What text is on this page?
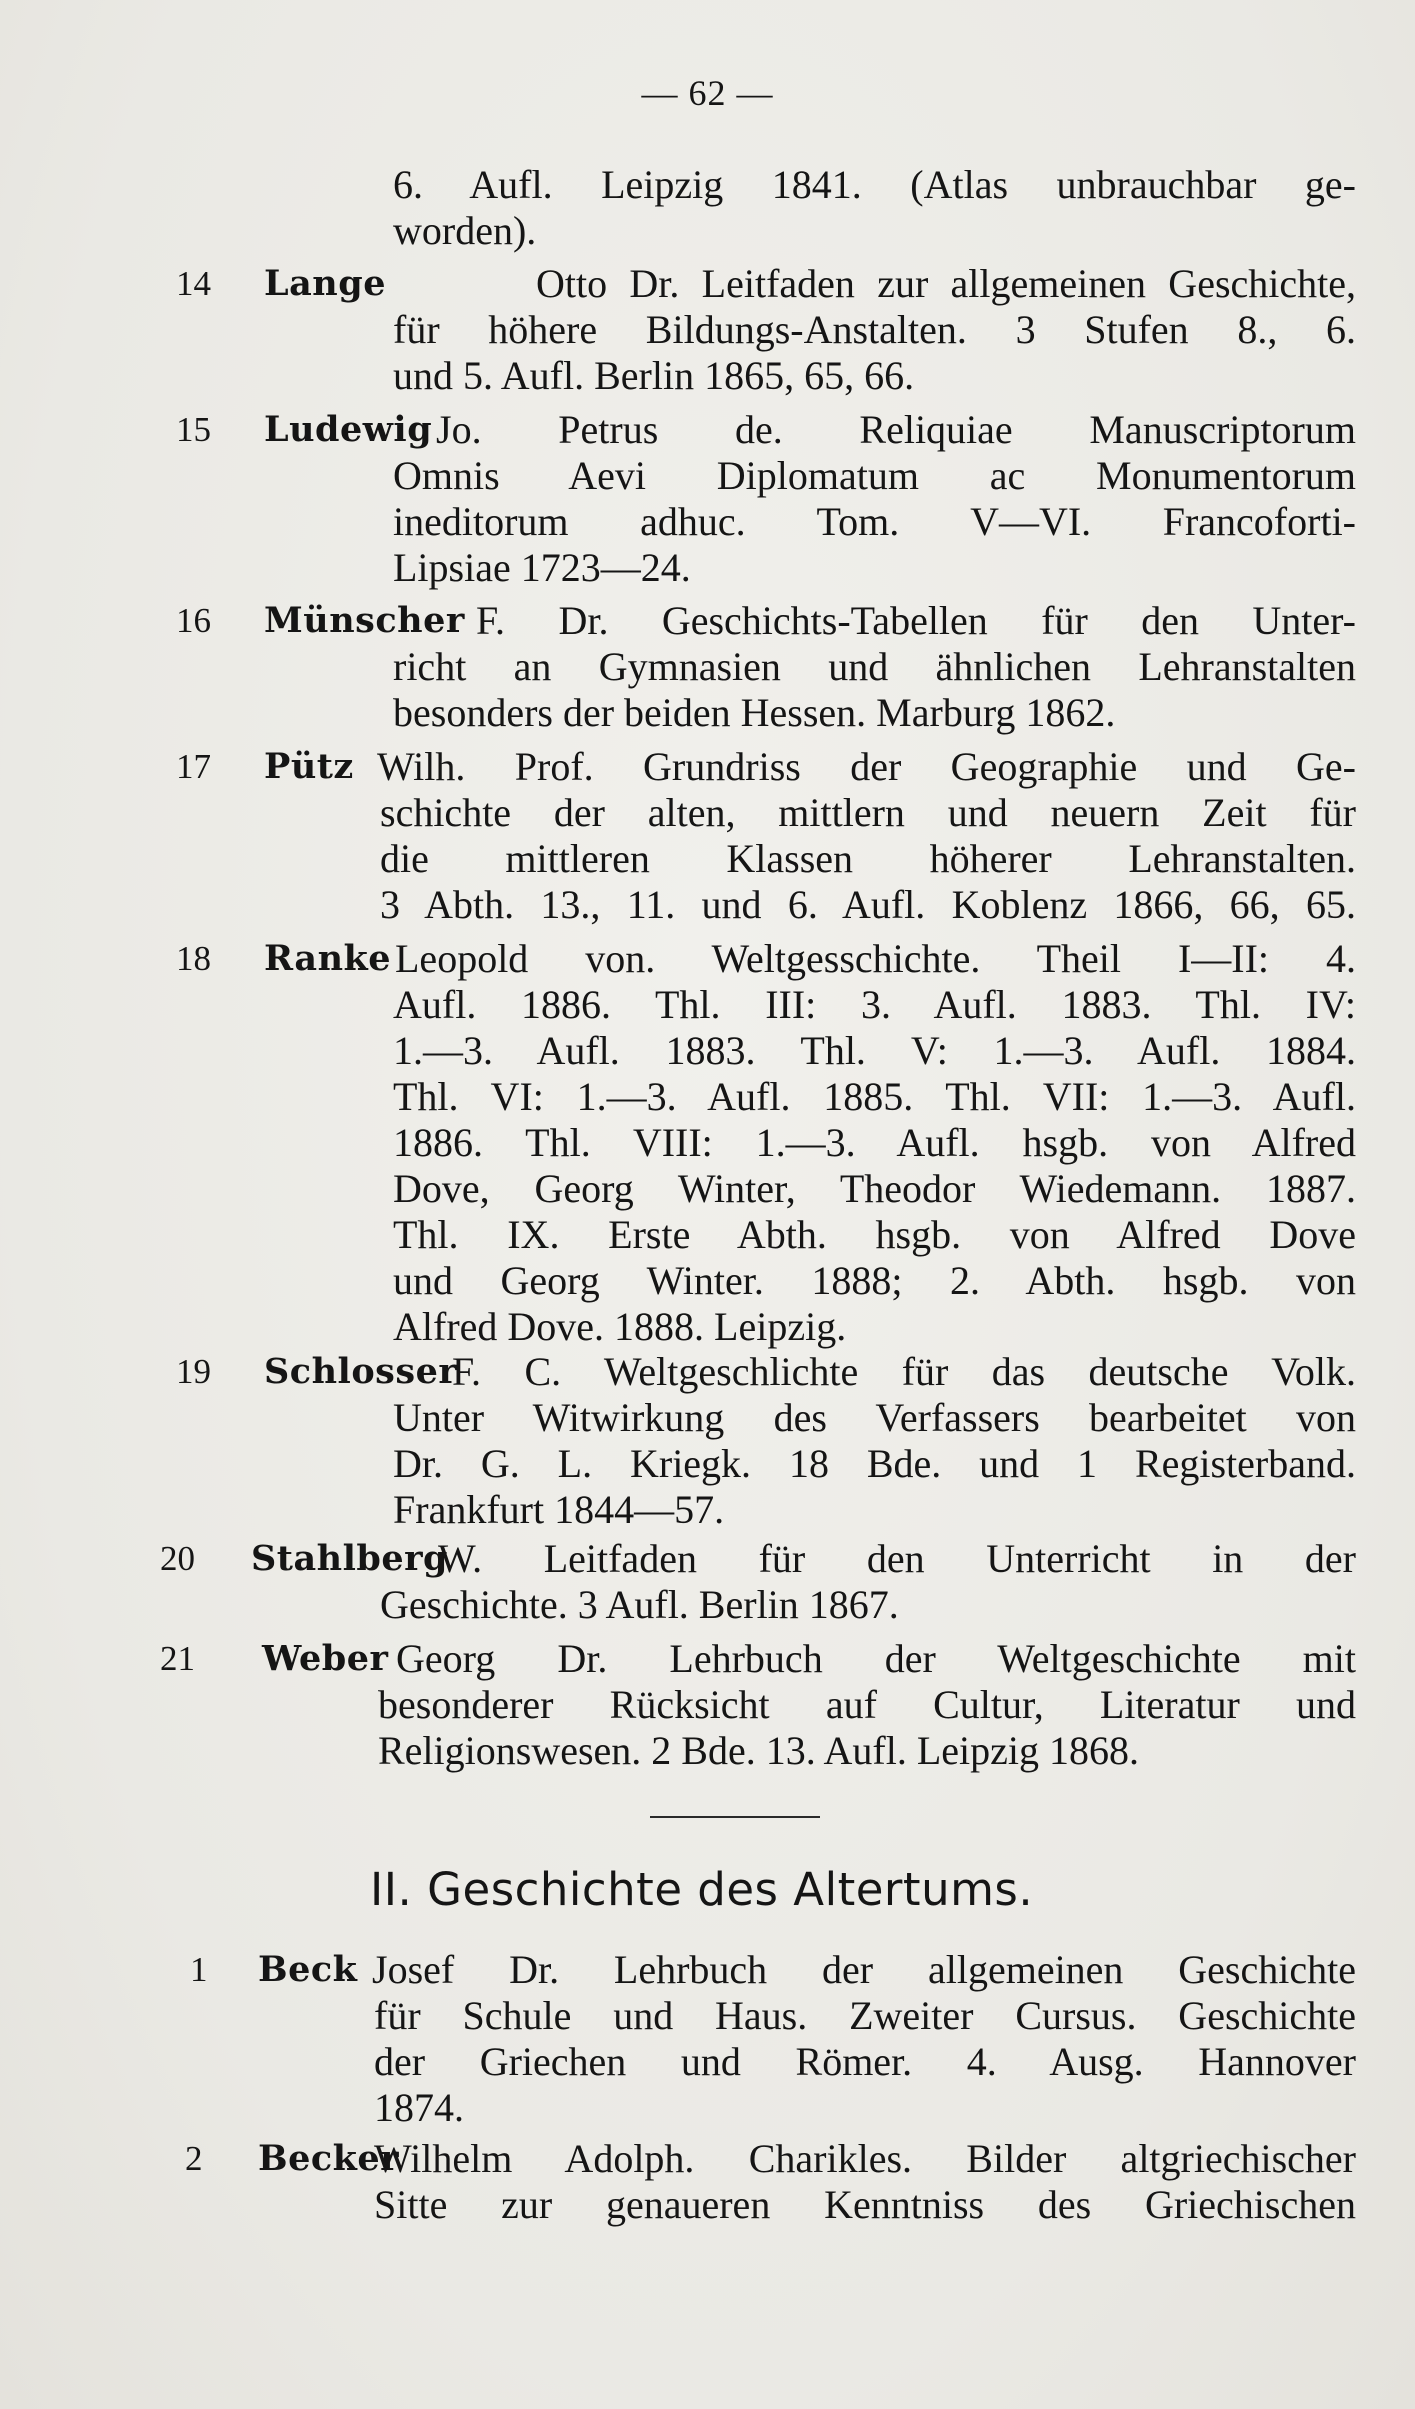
— 62 —
6. Aufl. Leipzig 1841. (Atlas unbrauchbar ge-
worden).
14 Lange	Otto Dr. Leitfaden zur allgemeinen Geschichte,
für höhere Bildungs-Anstalten. 3 Stufen 8., 6.
und 5. Aufl. Berlin 1865, 65, 66.
15 Ludewig Jo. Petrus de. Reliquiae Manuscriptorum
Omnis Aevi Diplomatum ac Monumentorum
ineditorum adhuc. Tom. V—VI. Francoforti-
Lipsiae 1723—24.
16 Münscher F. Dr. Geschichts-Tabellen für den Unter-
richt an Gymnasien und ähnlichen Lehranstalten
besonders der beiden Hessen. Marburg 1862.
17 Pütz Wilh. Prof. Grundriss der Geographie und Ge-
schichte der alten, mittlern und neuern Zeit für
die mittleren Klassen höherer Lehranstalten.
3 Abth. 13., 11. und 6. Aufl. Koblenz 1866, 66, 65.
18 Ranke Leopold von. Weltgesschichte. Theil I—II: 4.
Aufl. 1886. Thl. III: 3. Aufl. 1883. Thl. IV:
1.—3. Aufl. 1883. Thl. V: 1.—3. Aufl. 1884.
Thl. VI: 1.—3. Aufl. 1885. Thl. VII: 1.—3. Aufl.
1886. Thl. VIII: 1.—3. Aufl. hsgb. von Alfred
Dove, Georg Winter, Theodor Wiedemann. 1887.
Thl. IX. Erste Abth. hsgb. von Alfred Dove
und Georg Winter. 1888; 2. Abth. hsgb. von
Alfred Dove. 1888. Leipzig.
19 Schlosser
F. C. Weltgeschlichte für das deutsche Volk.
Unter Witwirkung des Verfassers bearbeitet von
Dr. G. L. Kriegk. 18 Bde. und 1 Registerband.
Frankfurt 1844—57.
20 Stahlberg
W. Leitfaden für den Unterricht in der
Geschichte. 3 Aufl. Berlin 1867.
21 Weber Georg Dr. Lehrbuch der Weltgeschichte mit
besonderer Rücksicht auf Cultur, Literatur und
Religionswesen. 2 Bde. 13. Aufl. Leipzig 1868.
II. Geschichte des Altertums.
1 Beck Josef Dr. Lehrbuch der allgemeinen Geschichte
für Schule und Haus. Zweiter Cursus. Geschichte
der Griechen und Römer. 4. Ausg. Hannover
1874.
2 Becker
Wilhelm Adolph. Charikles. Bilder altgriechischer
Sitte zur genaueren Kenntniss des Griechischen
